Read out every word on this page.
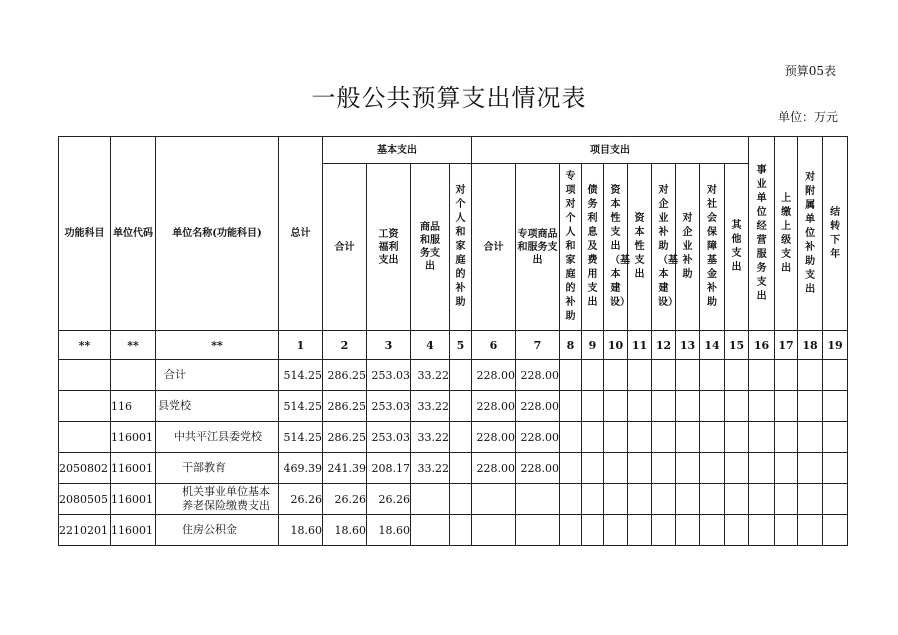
预算05表
一般公共预算支出情况表
单位：万元
功能科目	单位代码	单位名称(功能科目)	总计	基本支出				项目支出										事业单位经营服务支出	上缴上级支出	对附属单位补助支出	结转下年
				合计	工资福利支出	商品和服务支出	对个人和家庭的补助	合计	专项商品和服务支出	专项对个人和家庭的补助	债务利息及费用支出	资本性支出（基本建设）	资本性支出	对企业补助（基本建设）	对企业补助	对社会保障基金补助	其他支出				
**	**	**	1	2	3	4	5	6	7	8	9	10	11	12	13	14	15	16	17	18	19
		合计	514.25	286.25	253.03	33.22		228.00	228.00												
	116	县党校	514.25	286.25	253.03	33.22		228.00	228.00												
	116001	中共平江县委党校	514.25	286.25	253.03	33.22		228.00	228.00												
2050802	116001	干部教育	469.39	241.39	208.17	33.22		228.00	228.00												
2080505	116001	机关事业单位基本养老保险缴费支出	26.26	26.26	26.26																
2210201	116001	住房公积金	18.60	18.60	18.60																
